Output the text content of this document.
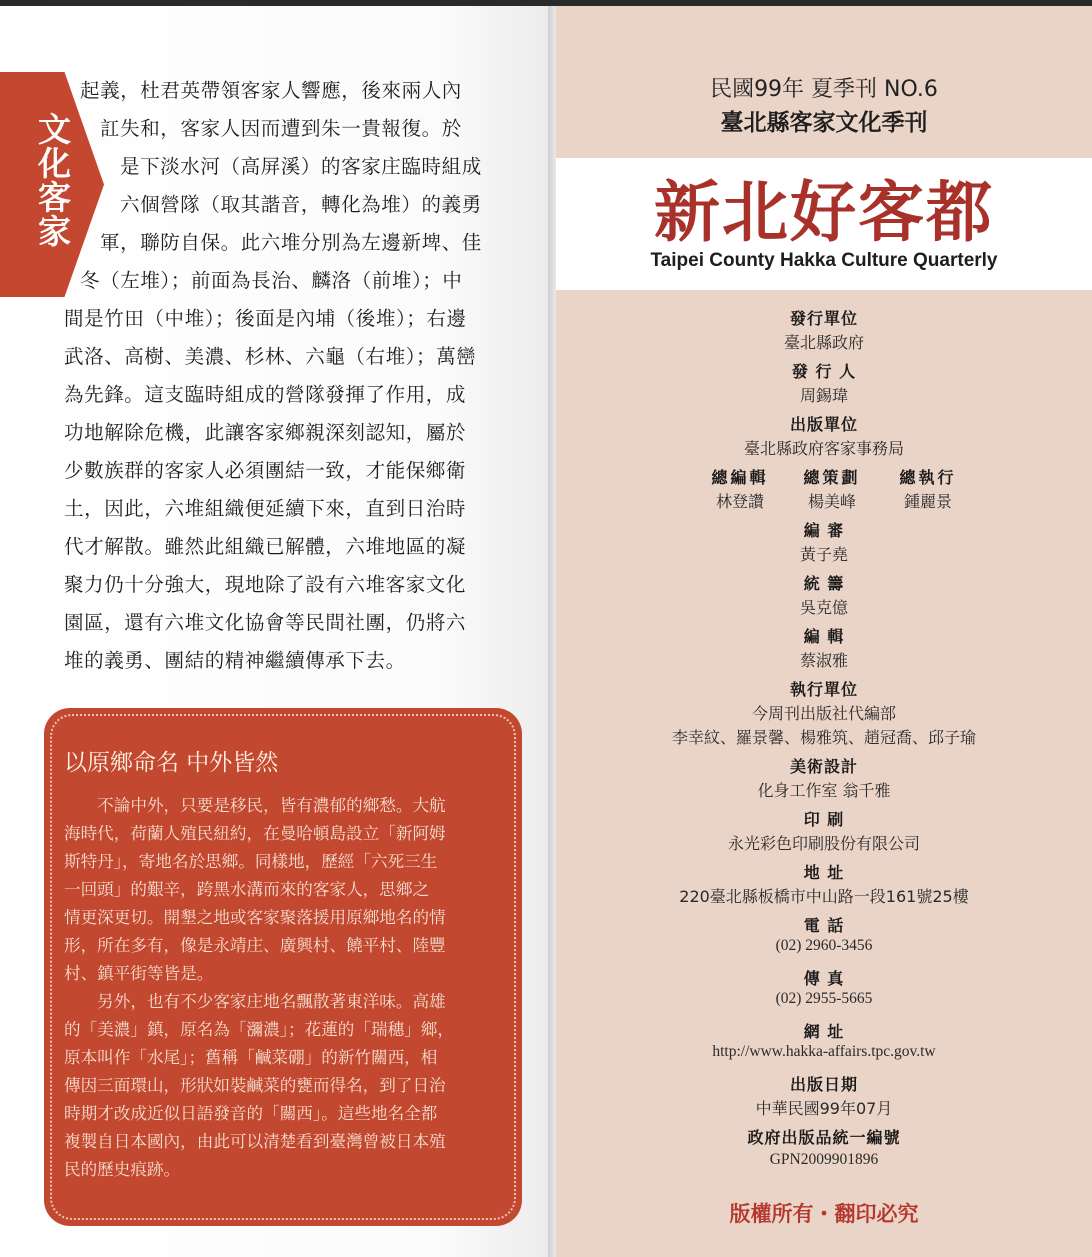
文化客家
起義，杜君英帶領客家人響應，後來兩人內
訌失和，客家人因而遭到朱一貴報復。於
是下淡水河（高屏溪）的客家庄臨時組成
六個營隊（取其諧音，轉化為堆）的義勇
軍，聯防自保。此六堆分別為左邊新埤、佳
冬（左堆）；前面為長治、麟洛（前堆）；中
間是竹田（中堆）；後面是內埔（後堆）；右邊
武洛、高樹、美濃、杉林、六龜（右堆）；萬巒
為先鋒。這支臨時組成的營隊發揮了作用，成
功地解除危機，此讓客家鄉親深刻認知，屬於
少數族群的客家人必須團結一致，才能保鄉衛
土，因此，六堆組織便延續下來，直到日治時
代才解散。雖然此組織已解體，六堆地區的凝
聚力仍十分強大，現地除了設有六堆客家文化
園區，還有六堆文化協會等民間社團，仍將六
堆的義勇、團結的精神繼續傳承下去。
以原鄉命名 中外皆然
　　不論中外，只要是移民，皆有濃郁的鄉愁。大航
海時代，荷蘭人殖民紐約，在曼哈頓島設立「新阿姆
斯特丹」，寄地名於思鄉。同樣地，歷經「六死三生
一回頭」的艱辛，跨黑水溝而來的客家人，思鄉之
情更深更切。開墾之地或客家聚落援用原鄉地名的情
形，所在多有，像是永靖庄、廣興村、饒平村、陸豐
村、鎮平街等皆是。
　　另外，也有不少客家庄地名飄散著東洋味。高雄
的「美濃」鎮，原名為「瀰濃」；花蓮的「瑞穗」鄉，
原本叫作「水尾」；舊稱「鹹菜硼」的新竹關西，相
傳因三面環山，形狀如裝鹹菜的甕而得名，到了日治
時期才改成近似日語發音的「關西」。這些地名全都
複製自日本國內，由此可以清楚看到臺灣曾被日本殖
民的歷史痕跡。
民國99年 夏季刊 NO.6
臺北縣客家文化季刊
新北好客都
Taipei County Hakka Culture Quarterly
發行單位
臺北縣政府
發 行 人
周錫瑋
出版單位
臺北縣政府客家事務局
總編輯	總策劃	總執行
林登讚	楊美峰	鍾麗景
編 審
黃子堯
統 籌
吳克億
編 輯
蔡淑雅
執行單位
今周刊出版社代編部
李幸紋、羅景馨、楊雅筑、趙冠喬、邱子瑜
美術設計
化身工作室 翁千雅
印 刷
永光彩色印刷股份有限公司
地 址
220臺北縣板橋市中山路一段161號25樓
電 話
(02) 2960-3456
傳 真
(02) 2955-5665
網 址
http://www.hakka-affairs.tpc.gov.tw
出版日期
中華民國99年07月
政府出版品統一編號
GPN2009901896
版權所有・翻印必究
